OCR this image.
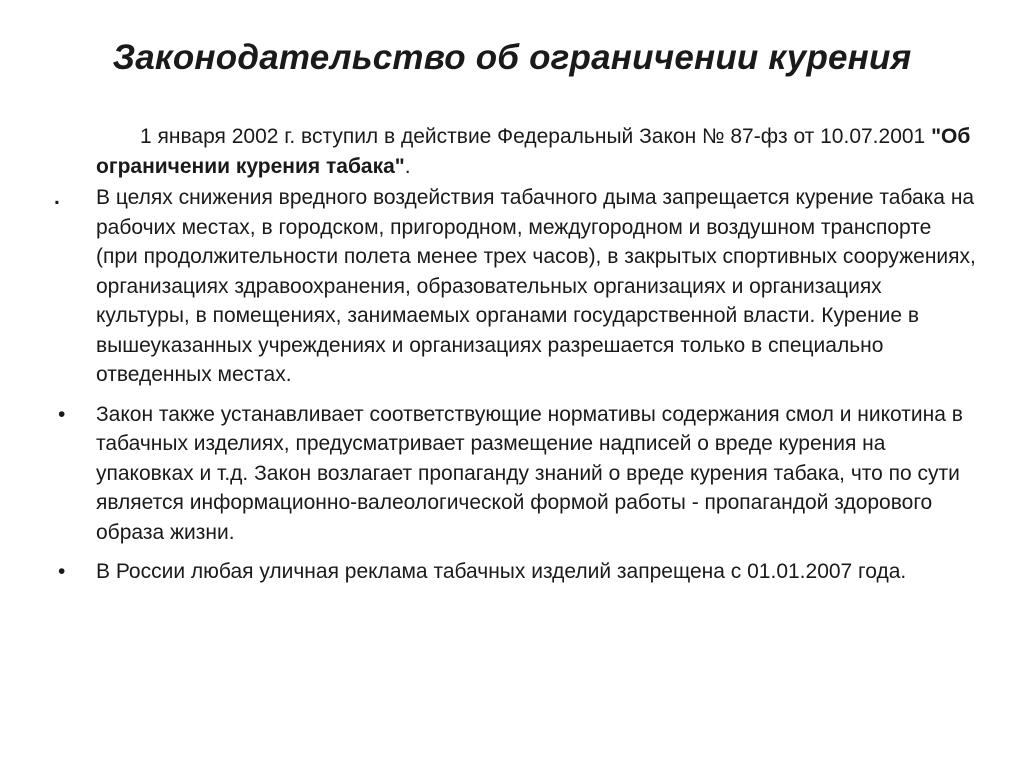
Законодательство об ограничении курения

1 января 2002 г. вступил в действие Федеральный Закон № 87-фз от 10.07.2001 "Об ограничении курения табака".

.	В целях снижения вредного воздействия табачного дыма запрещается курение табака на рабочих местах, в городском, пригородном, междугородном и воздушном транспорте (при продолжительности полета менее трех часов), в закрытых спортивных сооружениях, организациях здравоохранения, образовательных организациях и организациях культуры, в помещениях, занимаемых органами государственной власти. Курение в вышеуказанных учреждениях и организациях разрешается только в специально отведенных местах.
•	Закон также устанавливает соответствующие нормативы содержания смол и никотина в табачных изделиях, предусматривает размещение надписей о вреде курения на упаковках и т.д. Закон возлагает пропаганду знаний о вреде курения табака, что по сути является информационно-валеологической формой работы - пропагандой здорового образа жизни.
•	В России любая уличная реклама табачных изделий запрещена с 01.01.2007 года.
